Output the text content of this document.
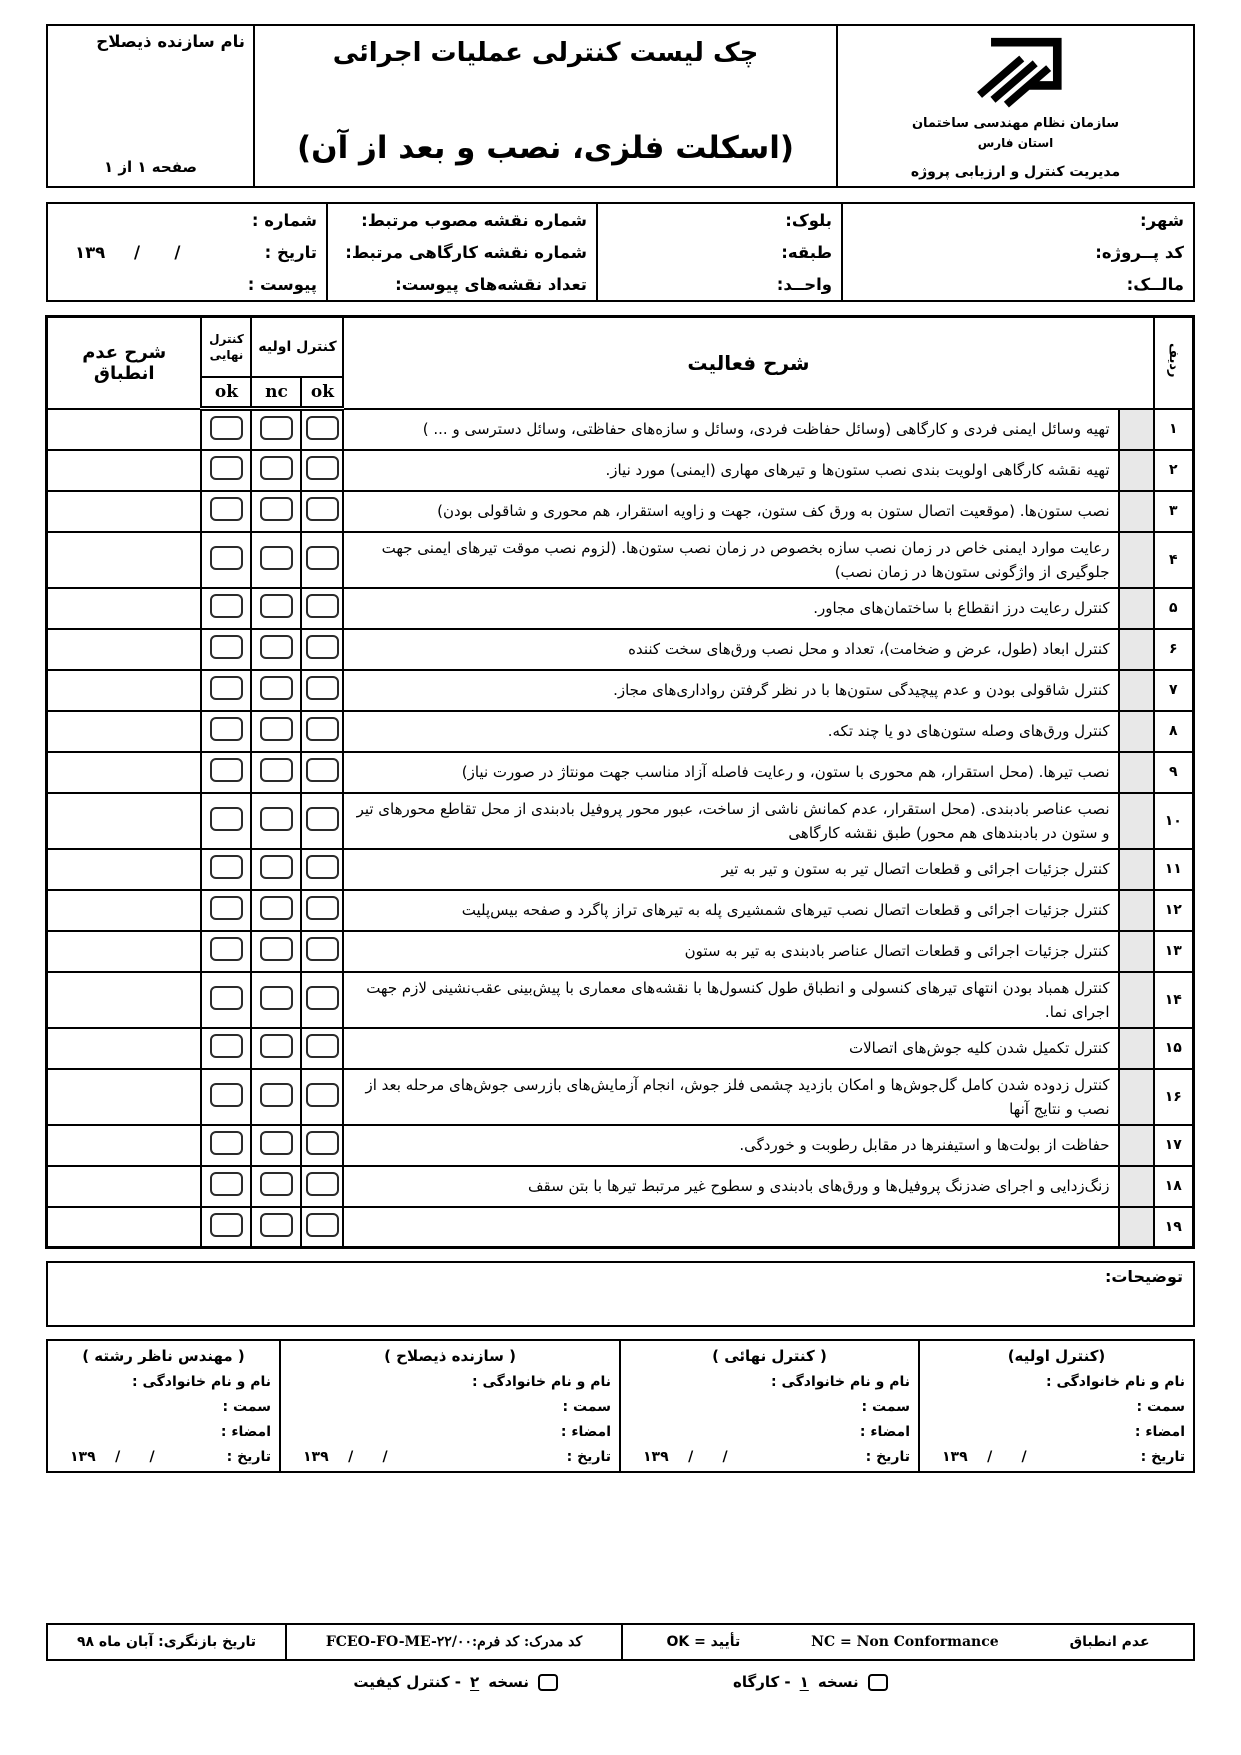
سازمان نظام مهندسی ساختمان
استان فارس
مدیریت کنترل و ارزیابی پروژه
چک لیست کنترلی عملیات اجرائی
(اسکلت فلزی، نصب و بعد از آن)
نام سازنده ذیصلاح
صفحه ۱ از ۱
شهر:
کد پــروژه:
مالــک:
بلوک:
طبقه:
واحــد:
شماره نقشه مصوب مرتبط:
شماره نقشه کارگاهی مرتبط:
تعداد نقشه‌های پیوست:
شماره :
تاریخ :
/      /     ۱۳۹
پیوست :
ردیف	شرح فعالیت		کنترل اولیه		کنترل نهایی	شرح عدم انطباق
			ok	nc	ok	
۱		تهیه وسائل ایمنی فردی و کارگاهی (وسائل حفاظت فردی، وسائل و سازه‌های حفاظتی، وسائل دسترسی و ... )				
۲		تهیه نقشه کارگاهی اولویت بندی نصب ستون‌ها و تیرهای مهاری (ایمنی) مورد نیاز.				
۳		نصب ستون‌ها. (موقعیت اتصال ستون به ورق کف ستون، جهت و زاویه استقرار، هم محوری و شاقولی بودن)				
۴		رعایت موارد ایمنی خاص در زمان نصب سازه بخصوص در زمان نصب ستون‌ها. (لزوم نصب موقت تیرهای ایمنی جهت جلوگیری از واژگونی ستون‌ها در زمان نصب)				
۵		کنترل رعایت درز انقطاع با ساختمان‌های مجاور.				
۶		کنترل ابعاد (طول، عرض و ضخامت)، تعداد و محل نصب ورق‌های سخت کننده				
۷		کنترل شاقولی بودن و عدم پیچیدگی ستون‌ها با در نظر گرفتن رواداری‌های مجاز.				
۸		کنترل ورق‌های وصله ستون‌های دو یا چند تکه.				
۹		نصب تیرها. (محل استقرار، هم محوری با ستون، و رعایت فاصله آزاد مناسب جهت مونتاژ در صورت نیاز)				
۱۰		نصب عناصر بادبندی. (محل استقرار، عدم کمانش ناشی از ساخت، عبور محور پروفیل بادبندی از محل تقاطع محورهای تیر و ستون در بادبندهای هم محور) طبق نقشه کارگاهی				
۱۱		کنترل جزئیات اجرائی و قطعات اتصال تیر به ستون و تیر به تیر				
۱۲		کنترل جزئیات اجرائی و قطعات اتصال نصب تیرهای شمشیری پله به تیرهای تراز پاگرد و صفحه بیس‌پلیت				
۱۳		کنترل جزئیات اجرائی و قطعات اتصال عناصر بادبندی به تیر به ستون				
۱۴		کنترل همباد بودن انتهای تیرهای کنسولی و انطباق طول کنسول‌ها با نقشه‌های معماری با پیش‌بینی عقب‌نشینی لازم جهت اجرای نما.				
۱۵		کنترل تکمیل شدن کلیه جوش‌های اتصالات				
۱۶		کنترل زدوده شدن کامل گل‌جوش‌ها و امکان بازدید چشمی فلز جوش، انجام آزمایش‌های بازرسی جوش‌های مرحله بعد از نصب و نتایج آنها				
۱۷		حفاظت از بولت‌ها و استیفنرها در مقابل رطوبت و خوردگی.				
۱۸		زنگ‌زدایی و اجرای ضدزنگ پروفیل‌ها و ورق‌های بادبندی و سطوح غیر مرتبط تیرها با بتن سقف				
۱۹						
توضیحات:
(کنترل اولیه)
نام و نام خانوادگی :
سمت :
امضاء :
تاریخ :
/      /    ۱۳۹
( کنترل نهائی )
نام و نام خانوادگی :
سمت :
امضاء :
تاریخ :
/      /    ۱۳۹
( سازنده ذیصلاح )
نام و نام خانوادگی :
سمت :
امضاء :
تاریخ :
/      /    ۱۳۹
( مهندس ناظر رشته )
نام و نام خانوادگی :
سمت :
امضاء :
تاریخ :
/      /    ۱۳۹
عدم انطباق
NC = Non Conformance
تأیید = OK
کد مدرک: کد فرم:FCEO-FO-ME-۲۲/۰۰
تاریخ بازنگری: آبان ماه ۹۸
نسخه
۱
- کارگاه
نسخه
۲
- کنترل کیفیت
